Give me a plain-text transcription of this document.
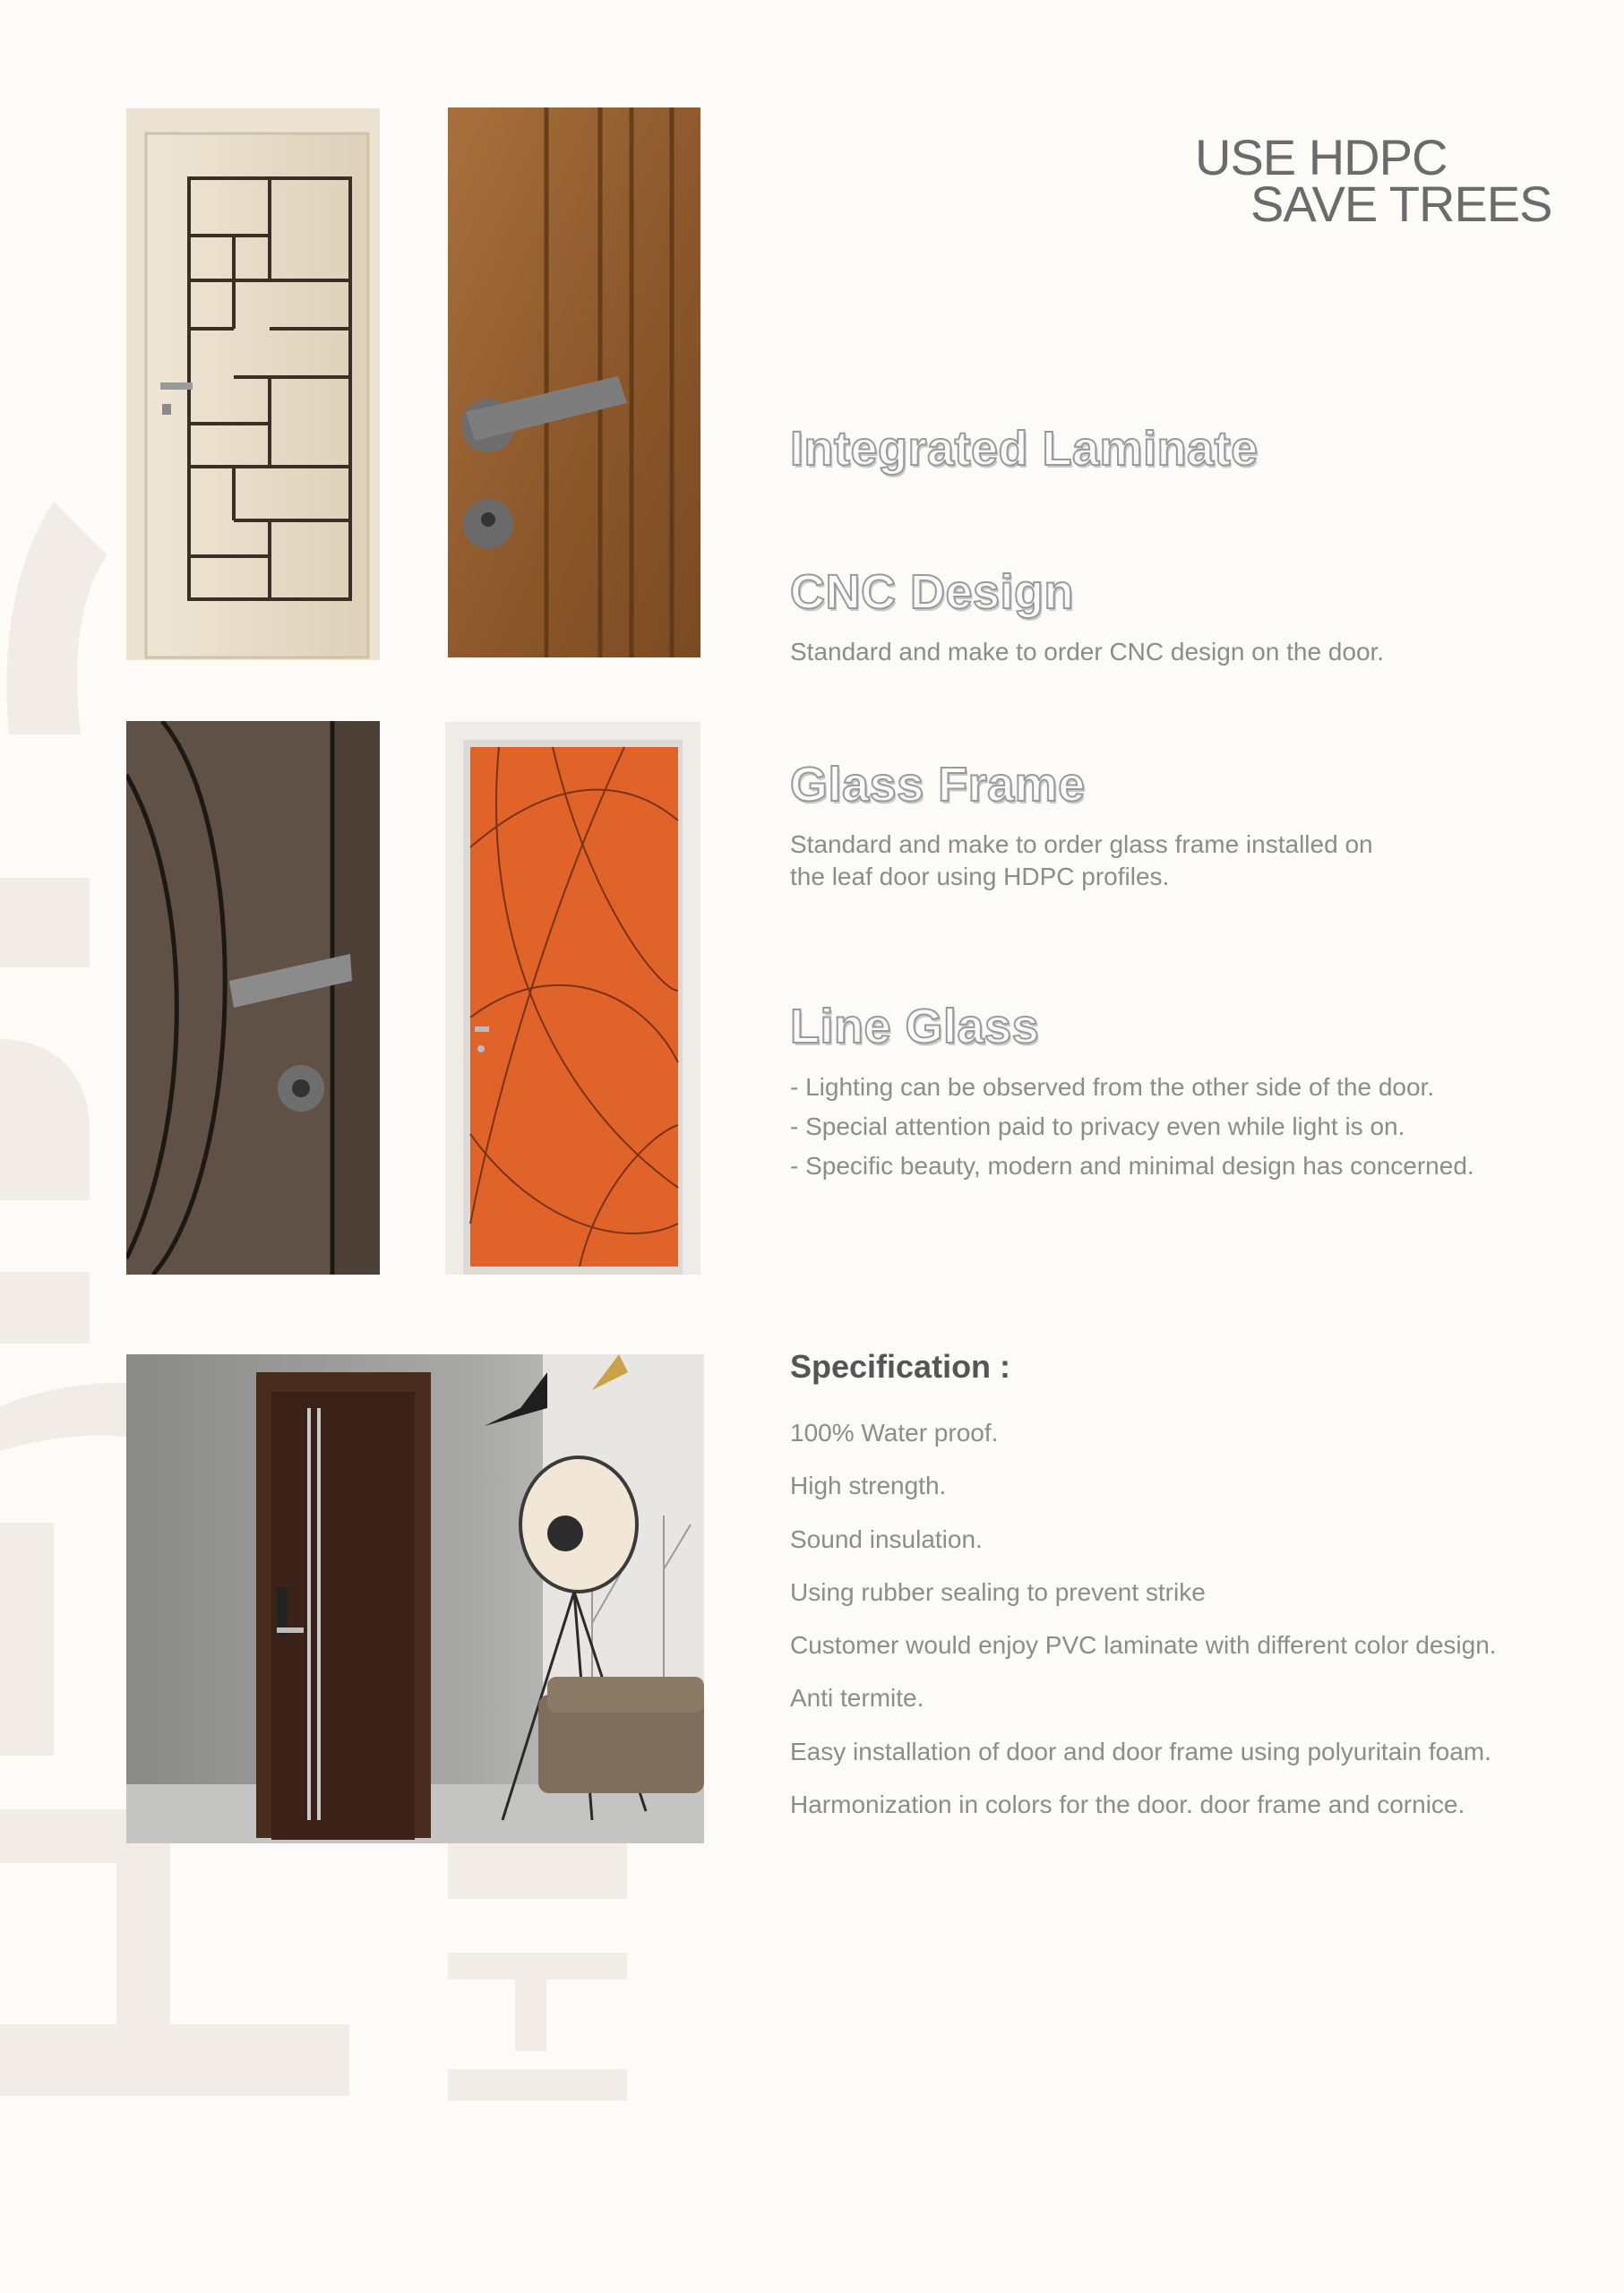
USE HDPC
SAVE TREES
Integrated Laminate
CNC Design

Standard and make to order CNC design on the door.

Glass Frame
Standard and make to order glass frame installed on
the leaf door using HDPC profiles.
Line Glass
- Lighting can be observed from the other side of the door.
- Special attention paid to privacy even while light is on.
- Specific beauty, modern and minimal design has concerned.
Specification :
100% Water proof.
High strength.
Sound insulation.
Using rubber sealing to prevent strike
Customer would enjoy PVC laminate with different color design.
Anti termite.
Easy installation of door and door frame using polyuritain foam.
Harmonization in colors for the door. door frame and cornice.
